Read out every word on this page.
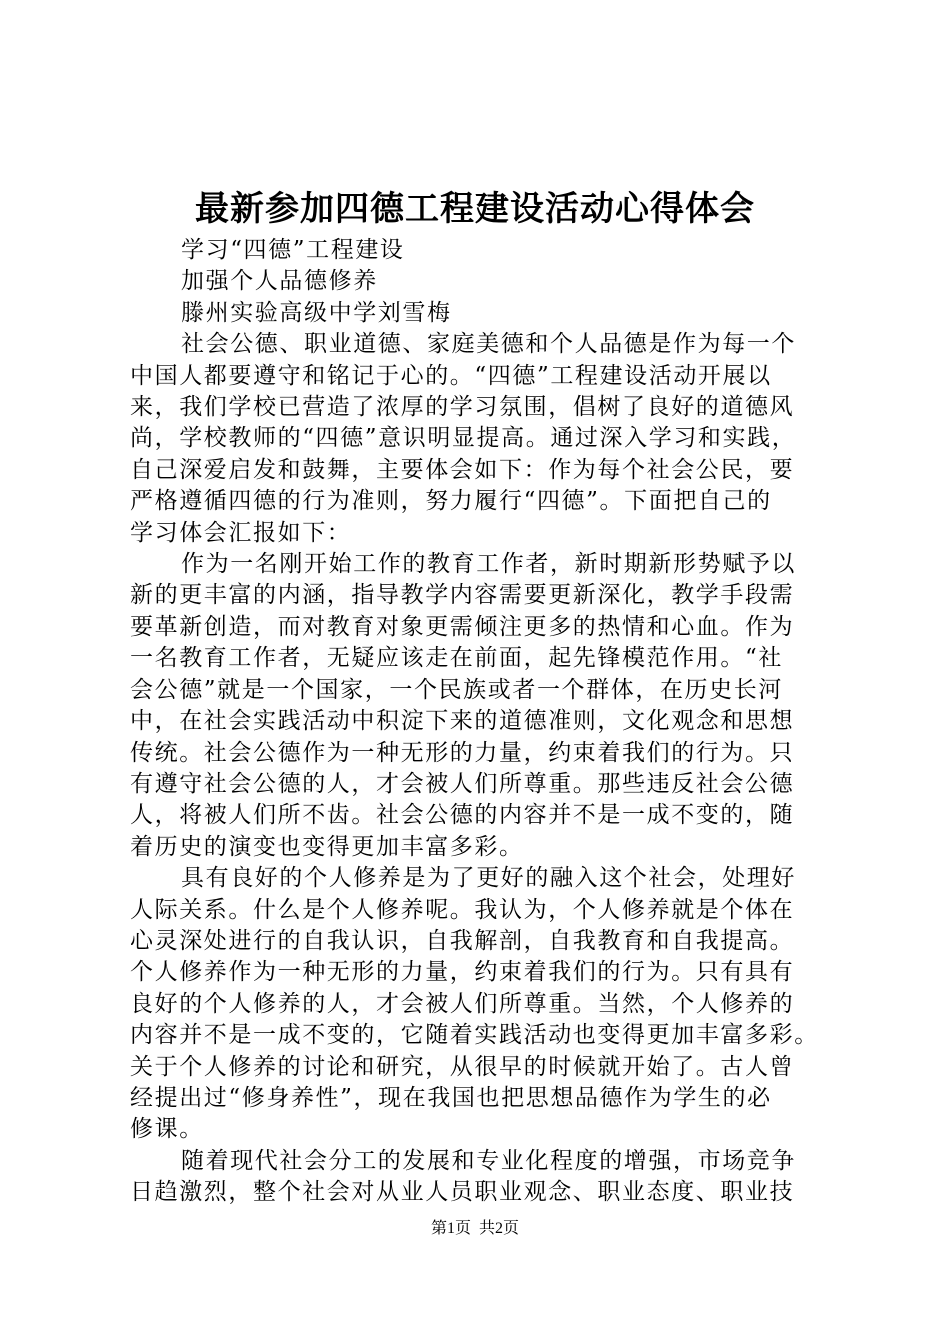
最新参加四德工程建设活动心得体会

学习“四德”工程建设

加强个人品德修养

滕州实验高级中学刘雪梅

社会公德、职业道德、家庭美德和个人品德是作为每一个

中国人都要遵守和铭记于心的。“四德”工程建设活动开展以

来，我们学校已营造了浓厚的学习氛围，倡树了良好的道德风

尚，学校教师的“四德”意识明显提高。通过深入学习和实践，

自己深爱启发和鼓舞，主要体会如下：作为每个社会公民，要

严格遵循四德的行为准则，努力履行“四德”。下面把自己的

学习体会汇报如下：

作为一名刚开始工作的教育工作者，新时期新形势赋予以

新的更丰富的内涵，指导教学内容需要更新深化，教学手段需

要革新创造，而对教育对象更需倾注更多的热情和心血。作为

一名教育工作者，无疑应该走在前面，起先锋模范作用。“社

会公德”就是一个国家，一个民族或者一个群体，在历史长河

中，在社会实践活动中积淀下来的道德准则，文化观念和思想

传统。社会公德作为一种无形的力量，约束着我们的行为。只

有遵守社会公德的人，才会被人们所尊重。那些违反社会公德

人，将被人们所不齿。社会公德的内容并不是一成不变的，随

着历史的演变也变得更加丰富多彩。

具有良好的个人修养是为了更好的融入这个社会，处理好

人际关系。什么是个人修养呢。我认为，个人修养就是个体在

心灵深处进行的自我认识，自我解剖，自我教育和自我提高。

个人修养作为一种无形的力量，约束着我们的行为。只有具有

良好的个人修养的人，才会被人们所尊重。当然，个人修养的

内容并不是一成不变的，它随着实践活动也变得更加丰富多彩。

关于个人修养的讨论和研究，从很早的时候就开始了。古人曾

经提出过“修身养性”，现在我国也把思想品德作为学生的必

修课。

随着现代社会分工的发展和专业化程度的增强，市场竞争

日趋激烈，整个社会对从业人员职业观念、职业态度、职业技

第1页 共2页
